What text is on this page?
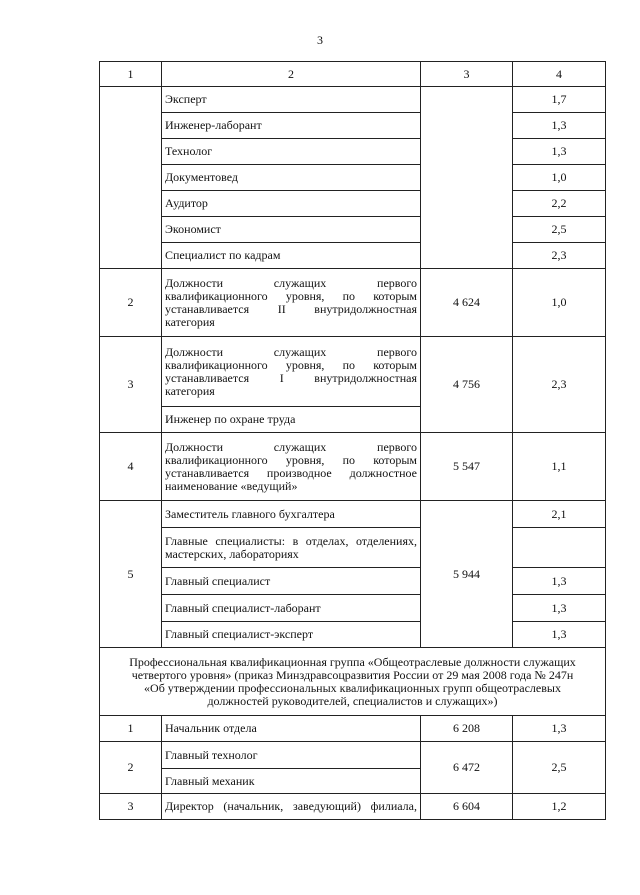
3
1	2	3	4
	Эксперт		1,7
	Инженер-лаборант		1,3
	Технолог		1,3
	Документовед		1,0
	Аудитор		2,2
	Экономист		2,5
	Специалист по кадрам		2,3
2	Должности служащих первого
квалификационного уровня, по которым
устанавливается II внутридолжностная
категория	4 624	1,0
3	Должности служащих первого
квалификационного уровня, по которым
устанавливается I внутридолжностная
категория	4 756	2,3
	Инженер по охране труда		
4	Должности служащих первого
квалификационного уровня, по которым
устанавливается производное должностное
наименование «ведущий»	5 547	1,1
5	Заместитель главного бухгалтера	5 944	2,1

	Главные специалисты: в отделах, отделениях,
мастерских, лабораториях		

	Главный специалист		1,3
	Главный специалист-лаборант		1,3
	Главный специалист-эксперт		1,3

Профессиональная квалификационная группа «Общеотраслевые должности служащих
четвертого уровня» (приказ Минздравсоцразвития России от 29 мая 2008 года № 247н
«Об утверждении профессиональных квалификационных групп общеотраслевых
должностей руководителей, специалистов и служащих»)			

1	Начальник отдела	6 208	1,3
2	Главный технолог	6 472	2,5
	Главный механик		
3	Директор (начальник, заведующий) филиала,	6 604	1,2
